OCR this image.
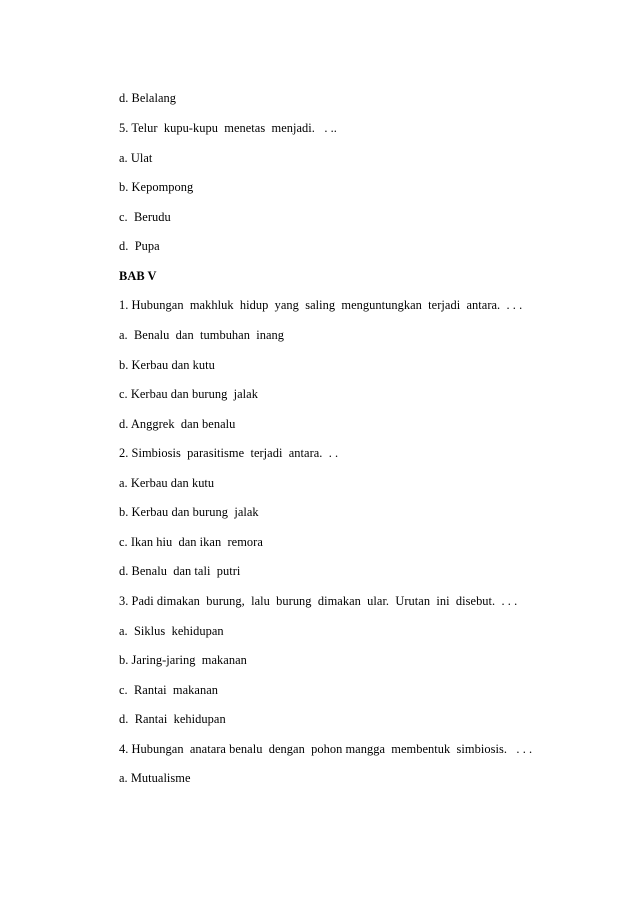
d. Belalang
5. Telur  kupu-kupu  menetas  menjadi.   . ..
a. Ulat
b. Kepompong
c.  Berudu
d.  Pupa
BAB V
1. Hubungan  makhluk  hidup  yang  saling  menguntungkan  terjadi  antara.  . . .
a.  Benalu  dan  tumbuhan  inang
b. Kerbau dan kutu
c. Kerbau dan burung  jalak
d. Anggrek  dan benalu
2. Simbiosis  parasitisme  terjadi  antara.  . .
a. Kerbau dan kutu
b. Kerbau dan burung  jalak
c. Ikan hiu  dan ikan  remora
d. Benalu  dan tali  putri
3. Padi dimakan  burung,  lalu  burung  dimakan  ular.  Urutan  ini  disebut.  . . .
a.  Siklus  kehidupan
b. Jaring-jaring  makanan
c.  Rantai  makanan
d.  Rantai  kehidupan
4. Hubungan  anatara benalu  dengan  pohon mangga  membentuk  simbiosis.   . . .
a. Mutualisme
